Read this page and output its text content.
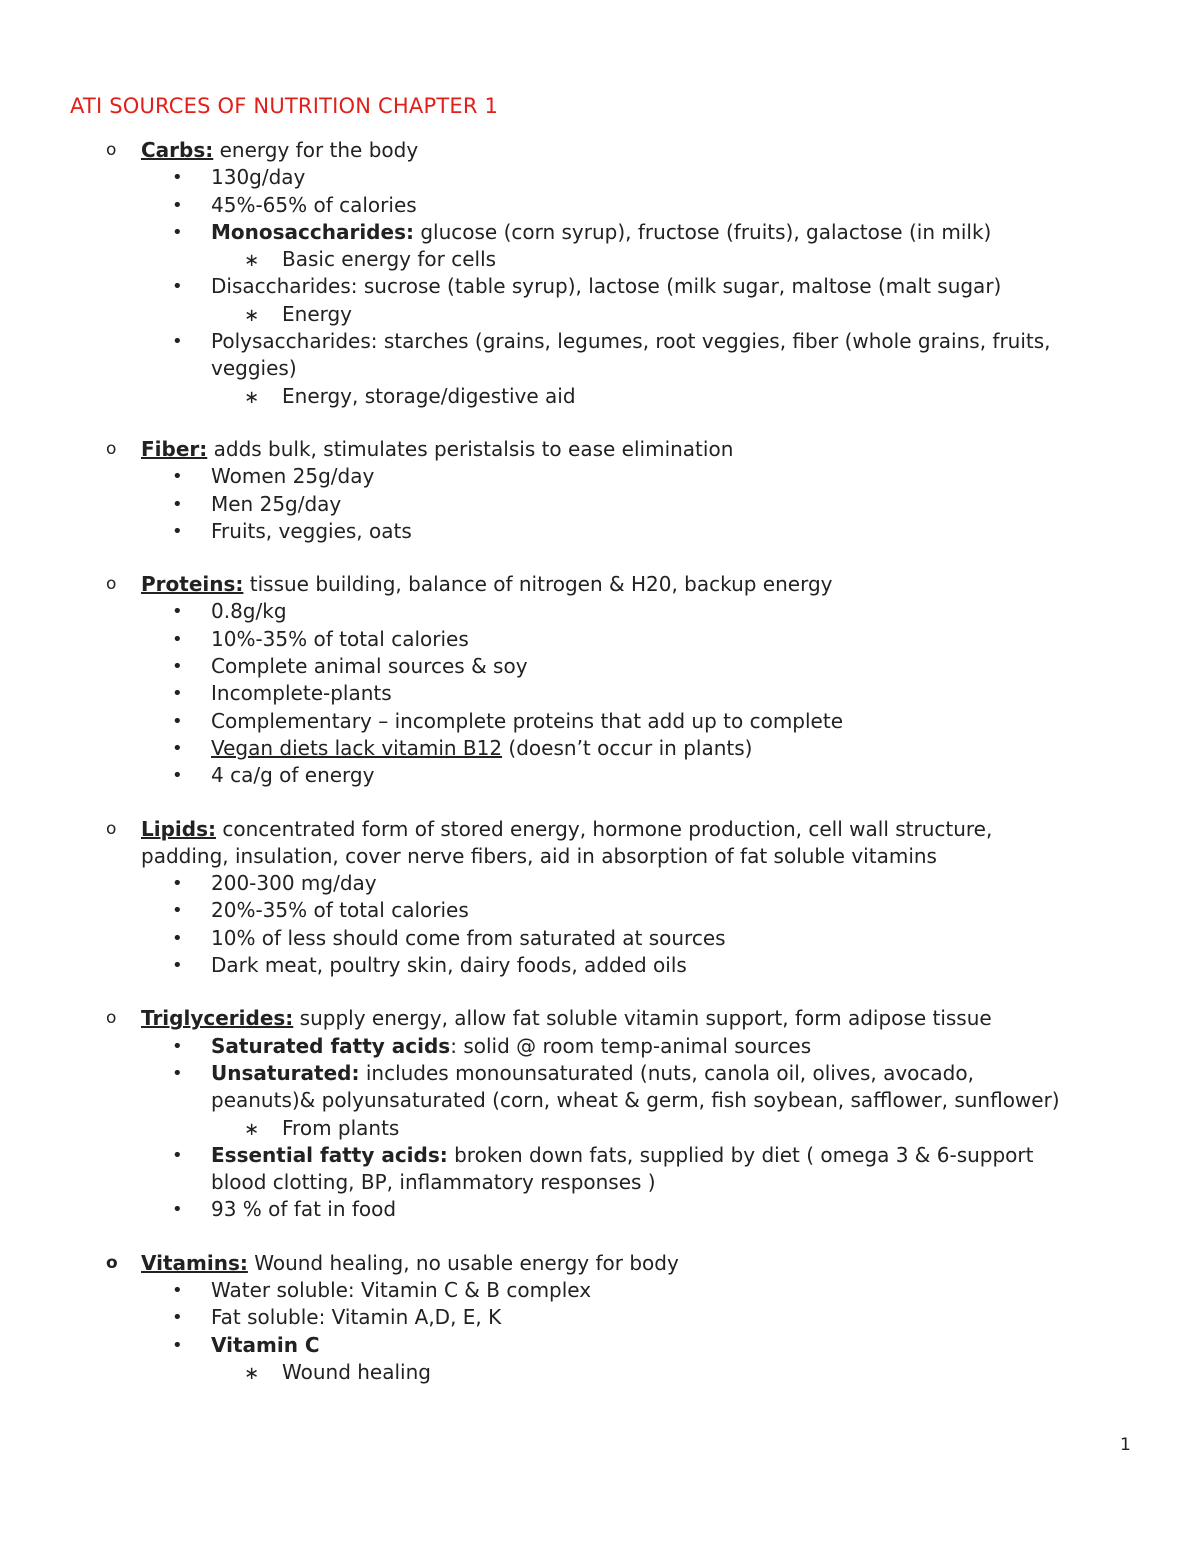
ATI SOURCES OF NUTRITION CHAPTER 1
o Carbs: energy for the body
• 130g/day
• 45%-65% of calories
• Monosaccharides: glucose (corn syrup), fructose (fruits), galactose (in milk)
∗ Basic energy for cells
• Disaccharides: sucrose (table syrup), lactose (milk sugar, maltose (malt sugar)
∗ Energy
• Polysaccharides: starches (grains, legumes, root veggies, fiber (whole grains, fruits,
veggies)
∗ Energy, storage/digestive aid
o Fiber: adds bulk, stimulates peristalsis to ease elimination
• Women 25g/day
• Men 25g/day
• Fruits, veggies, oats
o Proteins: tissue building, balance of nitrogen & H20, backup energy
• 0.8g/kg
• 10%-35% of total calories
• Complete animal sources & soy
• Incomplete-plants
• Complementary – incomplete proteins that add up to complete
• Vegan diets lack vitamin B12 (doesn’t occur in plants)
• 4 ca/g of energy
o Lipids: concentrated form of stored energy, hormone production, cell wall structure,
padding, insulation, cover nerve fibers, aid in absorption of fat soluble vitamins
• 200-300 mg/day
• 20%-35% of total calories
• 10% of less should come from saturated at sources
• Dark meat, poultry skin, dairy foods, added oils
o Triglycerides: supply energy, allow fat soluble vitamin support, form adipose tissue
• Saturated fatty acids: solid @ room temp-animal sources
• Unsaturated: includes monounsaturated (nuts, canola oil, olives, avocado,
peanuts)& polyunsaturated (corn, wheat & germ, fish soybean, safflower, sunflower)
∗ From plants
• Essential fatty acids: broken down fats, supplied by diet ( omega 3 & 6-support
blood clotting, BP, inflammatory responses )
• 93 % of fat in food
o Vitamins: Wound healing, no usable energy for body
• Water soluble: Vitamin C & B complex
• Fat soluble: Vitamin A,D, E, K
• Vitamin C
∗ Wound healing
1
